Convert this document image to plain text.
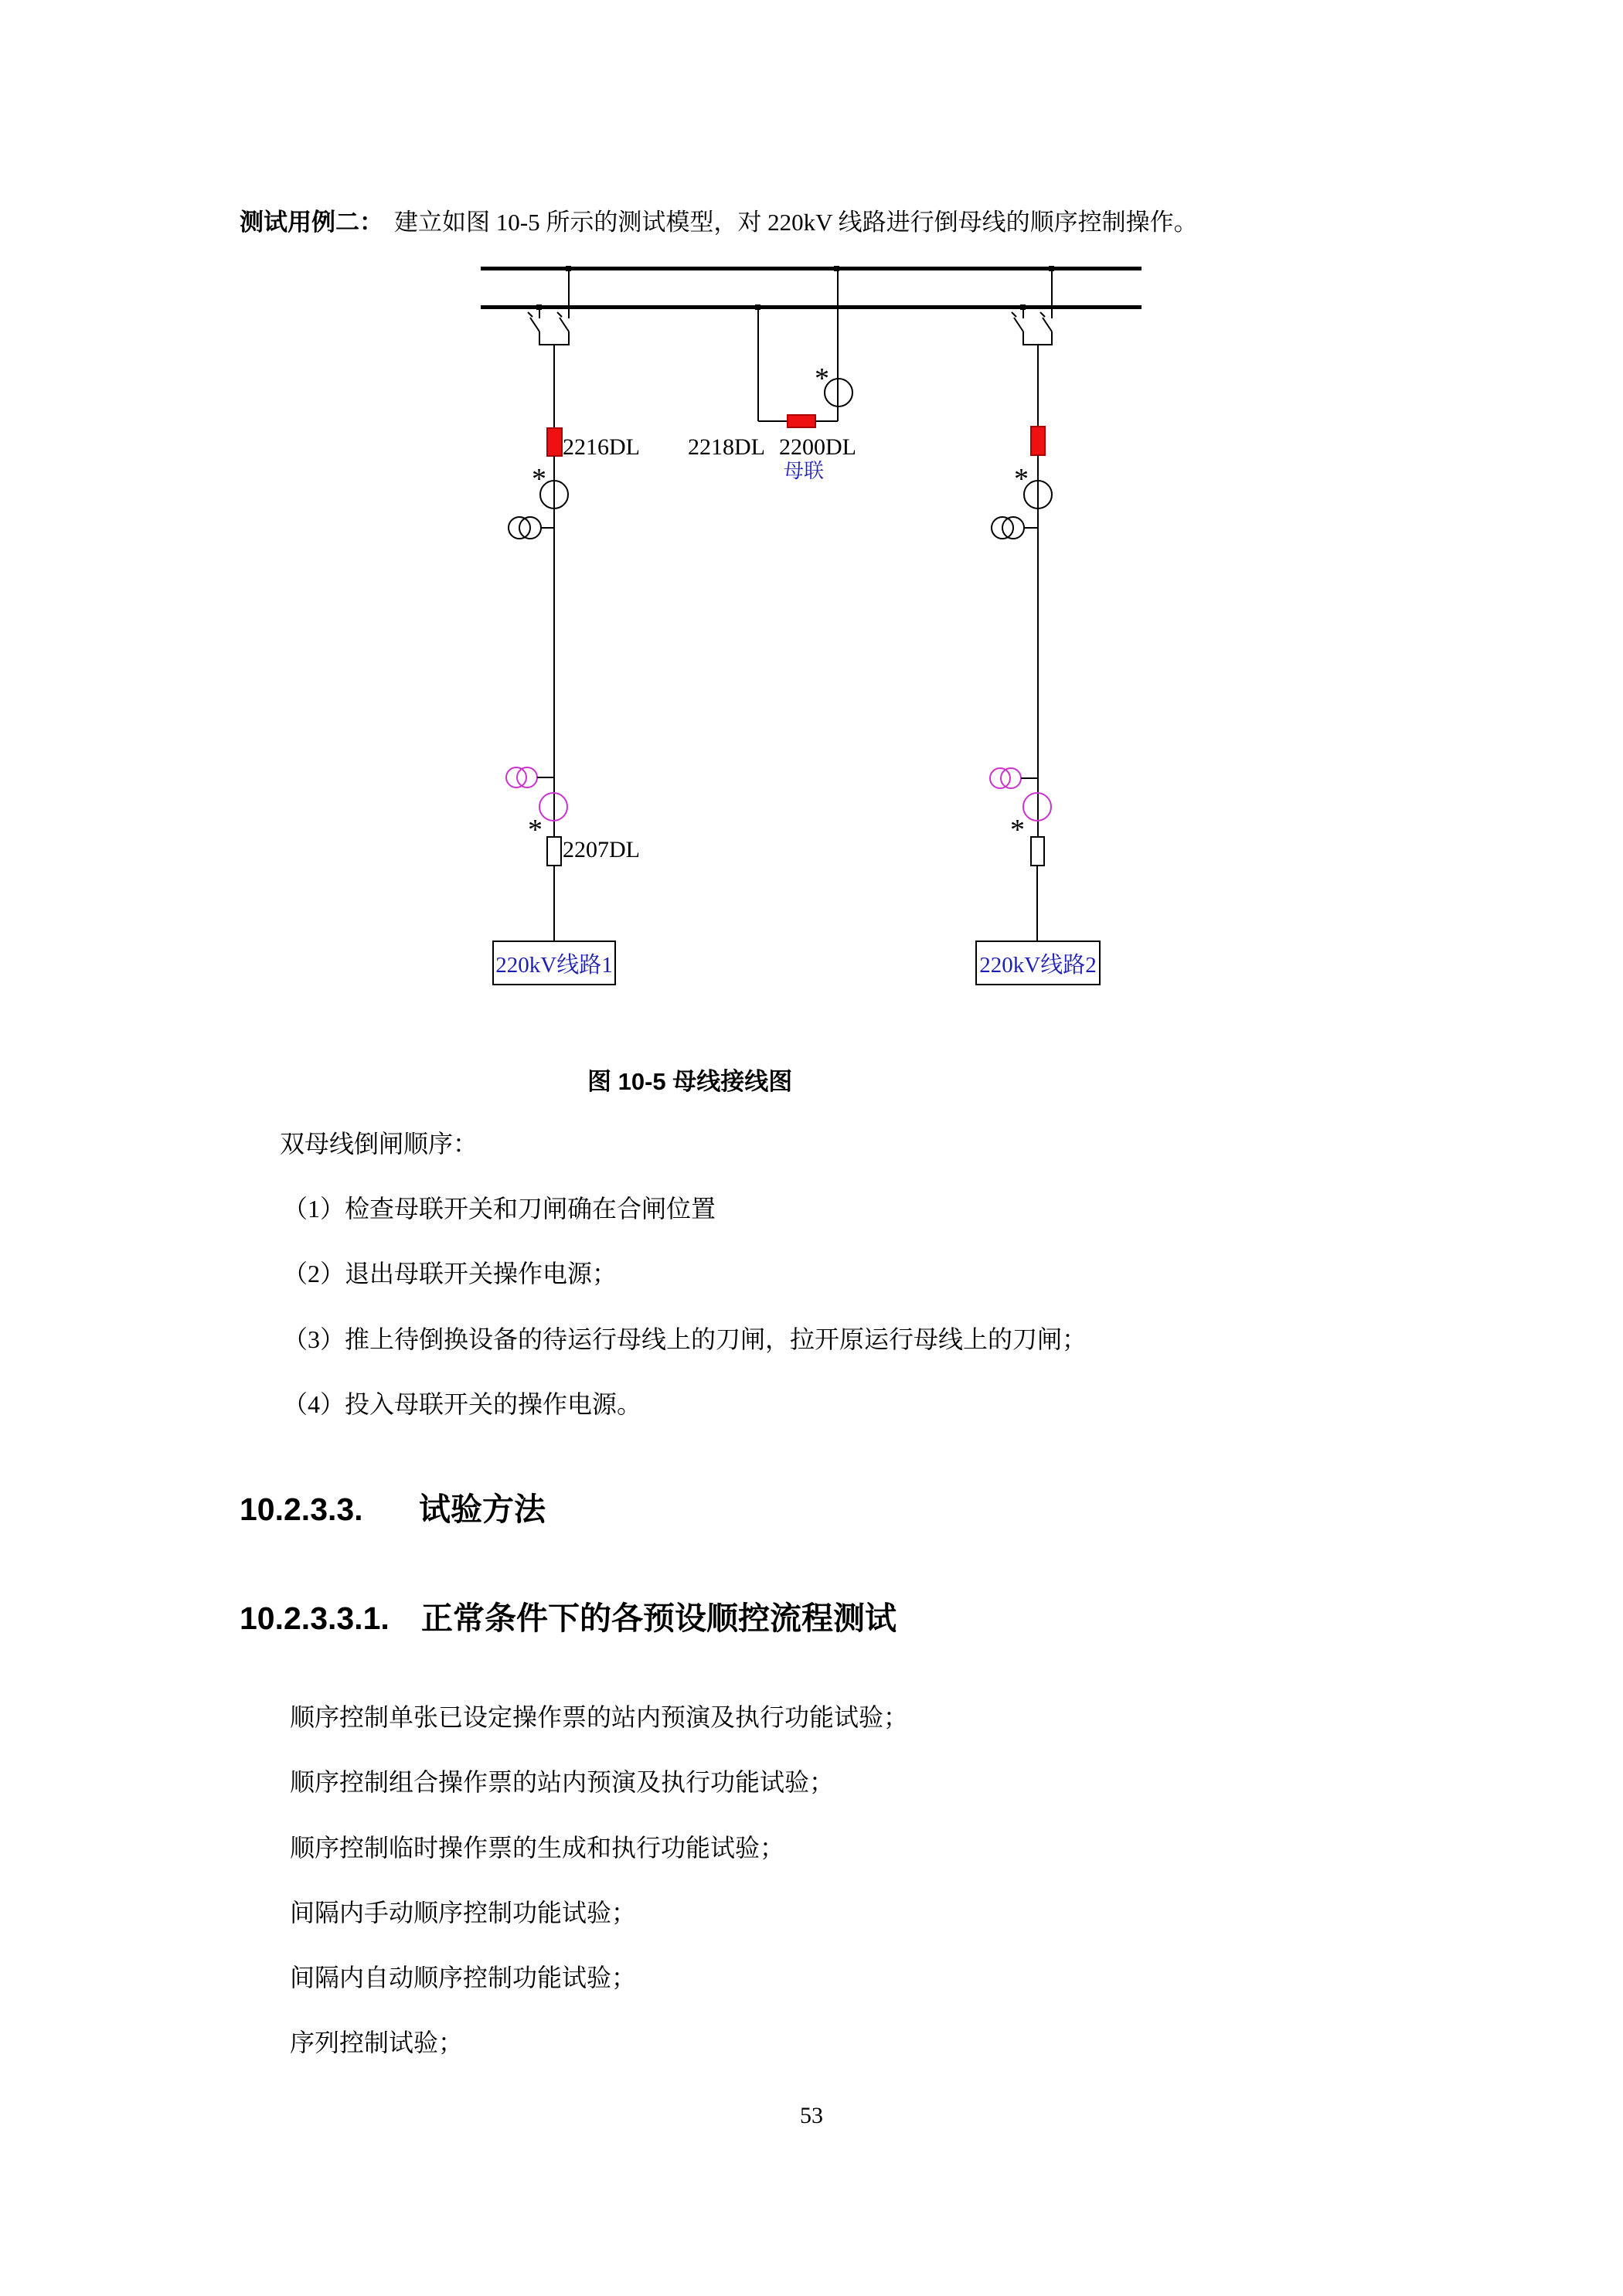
测试用例二： 建立如图 10-5 所示的测试模型，对 220kV 线路进行倒母线的顺序控制操作。
2216DL 2218DL 2200DL
母联
2207DL
*
*
*
*
*
220kV线路1	220kV线路2
图 10-5 母线接线图
双母线倒闸顺序：
（1）检查母联开关和刀闸确在合闸位置
（2）退出母联开关操作电源；
（3）推上待倒换设备的待运行母线上的刀闸，拉开原运行母线上的刀闸；
（4）投入母联开关的操作电源。
10.2.3.3. 试验方法
10.2.3.3.1. 正常条件下的各预设顺控流程测试
顺序控制单张已设定操作票的站内预演及执行功能试验；
顺序控制组合操作票的站内预演及执行功能试验；
顺序控制临时操作票的生成和执行功能试验；
间隔内手动顺序控制功能试验；
间隔内自动顺序控制功能试验；
序列控制试验；
53
